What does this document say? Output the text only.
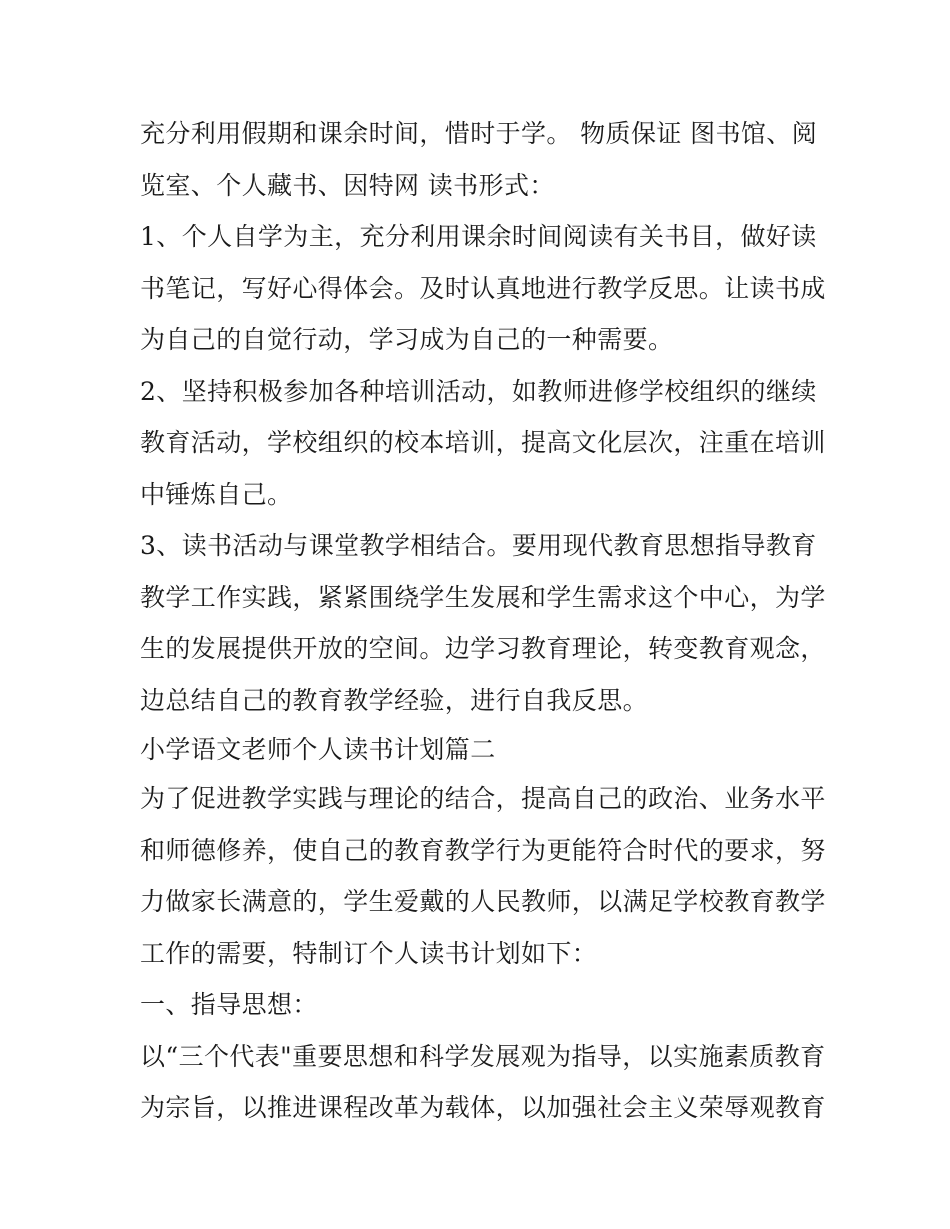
充分利用假期和课余时间，惜时于学。 物质保证 图书馆、阅
览室、个人藏书、因特网 读书形式：
1、个人自学为主，充分利用课余时间阅读有关书目，做好读
书笔记，写好心得体会。及时认真地进行教学反思。让读书成
为自己的自觉行动，学习成为自己的一种需要。
2、坚持积极参加各种培训活动，如教师进修学校组织的继续
教育活动，学校组织的校本培训，提高文化层次，注重在培训
中锤炼自己。
3、读书活动与课堂教学相结合。要用现代教育思想指导教育
教学工作实践，紧紧围绕学生发展和学生需求这个中心，为学
生的发展提供开放的空间。边学习教育理论，转变教育观念，
边总结自己的教育教学经验，进行自我反思。
小学语文老师个人读书计划篇二
为了促进教学实践与理论的结合，提高自己的政治、业务水平
和师德修养，使自己的教育教学行为更能符合时代的要求，努
力做家长满意的，学生爱戴的人民教师，以满足学校教育教学
工作的需要，特制订个人读书计划如下：
一、指导思想：
以“三个代表"重要思想和科学发展观为指导，以实施素质教育
为宗旨，以推进课程改革为载体，以加强社会主义荣辱观教育
